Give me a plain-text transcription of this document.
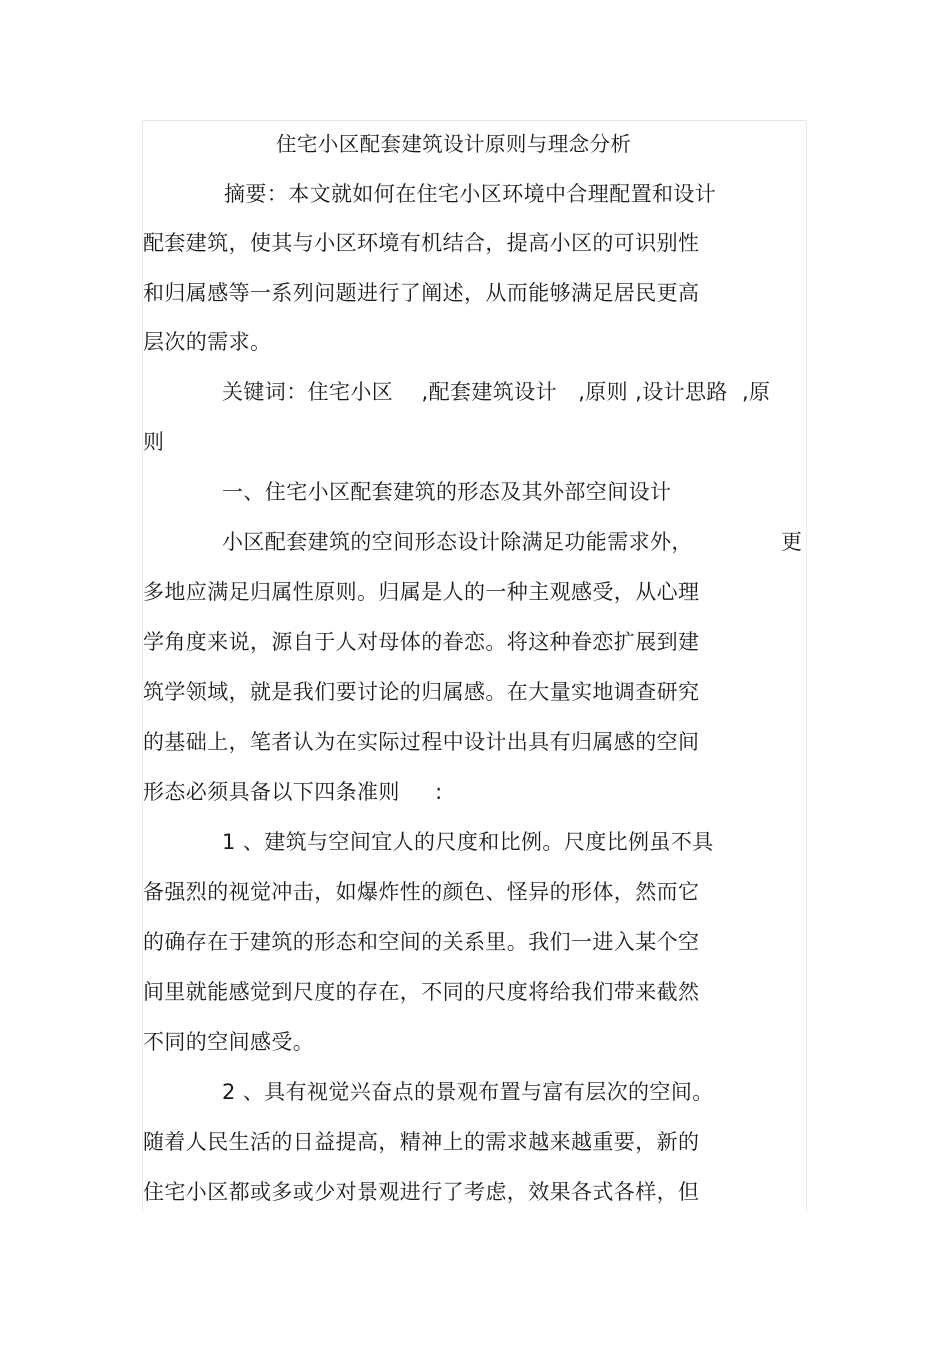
住宅小区配套建筑设计原则与理念分析
摘要：本文就如何在住宅小区环境中合理配置和设计
配套建筑，使其与小区环境有机结合，提高小区的可识别性
和归属感等一系列问题进行了阐述，从而能够满足居民更高
层次的需求。
关键词：住宅小区    ,配套建筑设计   ,原则 ,设计思路  ,原
则
一、住宅小区配套建筑的形态及其外部空间设计
小区配套建筑的空间形态设计除满足功能需求外，	更
多地应满足归属性原则。归属是人的一种主观感受，从心理
学角度来说，源自于人对母体的眷恋。将这种眷恋扩展到建
筑学领域，就是我们要讨论的归属感。在大量实地调查研究
的基础上，笔者认为在实际过程中设计出具有归属感的空间
形态必须具备以下四条准则     :
1 、建筑与空间宜人的尺度和比例。尺度比例虽不具
备强烈的视觉冲击，如爆炸性的颜色、怪异的形体，然而它
的确存在于建筑的形态和空间的关系里。我们一进入某个空
间里就能感觉到尺度的存在，不同的尺度将给我们带来截然
不同的空间感受。
2 、具有视觉兴奋点的景观布置与富有层次的空间。
随着人民生活的日益提高，精神上的需求越来越重要，新的
住宅小区都或多或少对景观进行了考虑，效果各式各样，但
